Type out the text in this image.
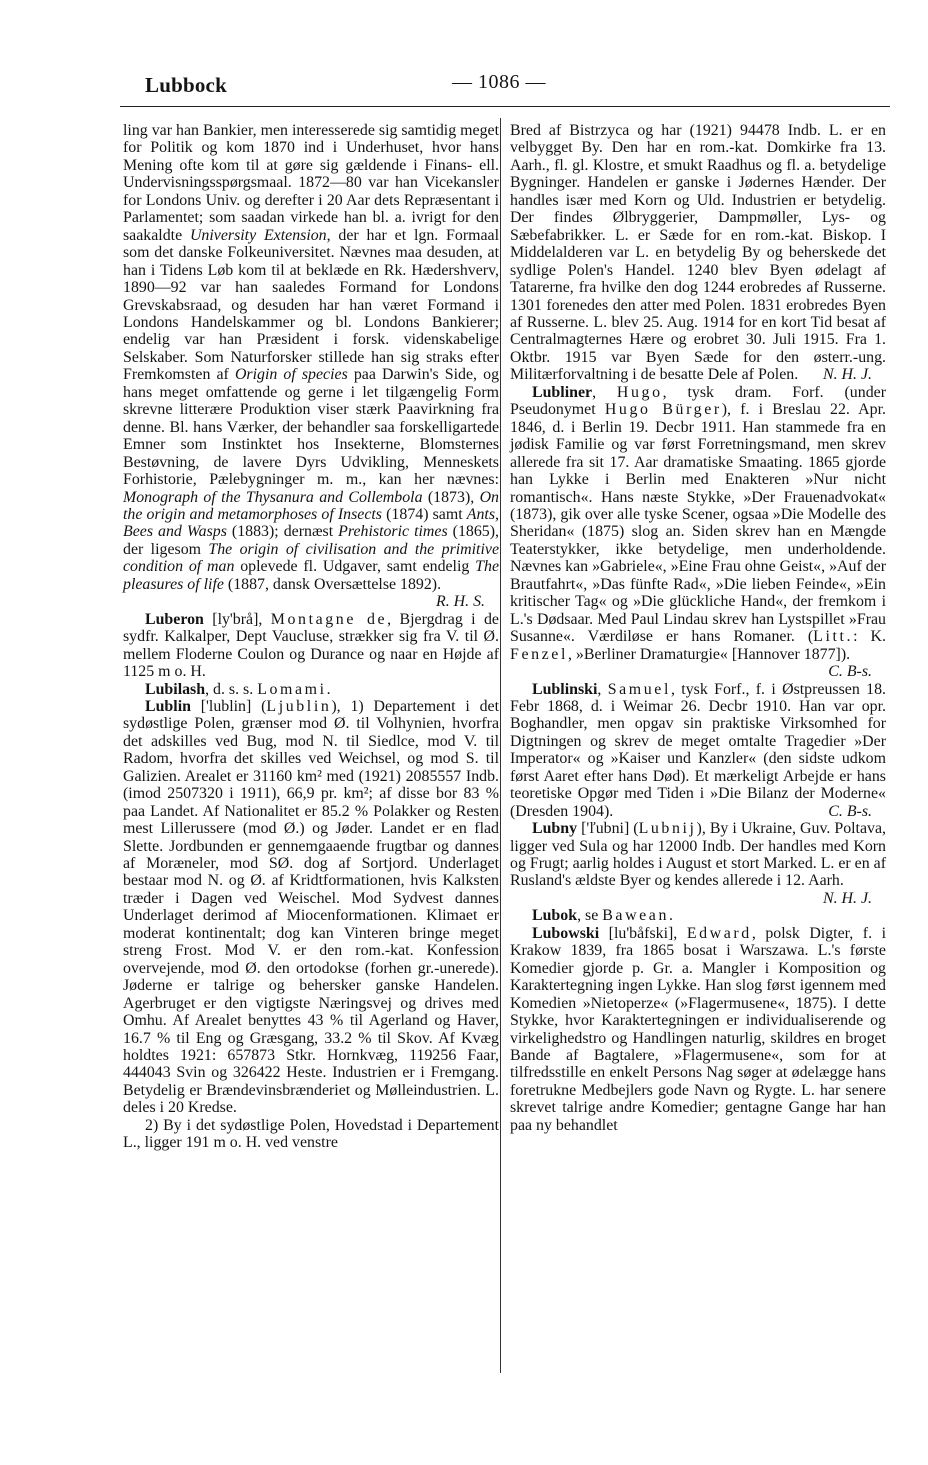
Lubbock	— 1086 —

ling var han Bankier, men interesserede sig samtidig meget for Politik og kom 1870 ind i Underhuset, hvor hans Mening ofte kom til at gøre sig gældende i Finans- ell. Undervisningsspørgsmaal. 1872—80 var han Vicekansler for Londons Univ. og derefter i 20 Aar dets Repræsentant i Parlamentet; som saadan virkede han bl. a. ivrigt for den saakaldte University Extension, der har et lgn. Formaal som det danske Folkeuniversitet. Nævnes maa desuden, at han i Tidens Løb kom til at beklæde en Rk. Hædershverv, 1890—92 var han saaledes Formand for Londons Grevskabsraad, og desuden har han været Formand i Londons Handelskammer og bl. Londons Bankierer; endelig var han Præsident i forsk. videnskabelige Selskaber. Som Naturforsker stillede han sig straks efter Fremkomsten af Origin of species paa Darwin's Side, og hans meget omfattende og gerne i let tilgængelig Form skrevne litterære Produktion viser stærk Paavirkning fra denne. Bl. hans Værker, der behandler saa forskelligartede Emner som Instinktet hos Insekterne, Blomsternes Bestøvning, de lavere Dyrs Udvikling, Menneskets Forhistorie, Pælebygninger m. m., kan her nævnes: Monograph of the Thysanura and Collembola (1873), On the origin and metamorphoses of Insects (1874) samt Ants, Bees and Wasps (1883); dernæst Prehistoric times (1865), der ligesom The origin of civilisation and the primitive condition of man oplevede fl. Udgaver, samt endelig The pleasures of life (1887, dansk Oversættelse 1892).
R. H. S.

Luberon [ly'brå], Montagne de, Bjergdrag i de sydfr. Kalkalper, Dept Vaucluse, strækker sig fra V. til Ø. mellem Floderne Coulon og Durance og naar en Højde af 1125 m o. H.

Lubilash, d. s. s. Lomami.

Lublin ['lublin] (Ljublin), 1) Departement i det sydøstlige Polen, grænser mod Ø. til Volhynien, hvorfra det adskilles ved Bug, mod N. til Siedlce, mod V. til Radom, hvorfra det skilles ved Weichsel, og mod S. til Galizien. Arealet er 31160 km² med (1921) 2085557 Indb. (imod 2507320 i 1911), 66,9 pr. km²; af disse bor 83 % paa Landet. Af Nationalitet er 85.2 % Polakker og Resten mest Lillerussere (mod Ø.) og Jøder. Landet er en flad Slette. Jordbunden er gennemgaaende frugtbar og dannes af Moræneler, mod SØ. dog af Sortjord. Underlaget bestaar mod N. og Ø. af Kridtformationen, hvis Kalksten træder i Dagen ved Weischel. Mod Sydvest dannes Underlaget derimod af Miocenformationen. Klimaet er moderat kontinentalt; dog kan Vinteren bringe meget streng Frost. Mod V. er den rom.-kat. Konfession overvejende, mod Ø. den ortodokse (forhen gr.-unerede). Jøderne er talrige og behersker ganske Handelen. Agerbruget er den vigtigste Næringsvej og drives med Omhu. Af Arealet benyttes 43 % til Agerland og Haver, 16.7 % til Eng og Græsgang, 33.2 % til Skov. Af Kvæg holdtes 1921: 657873 Stkr. Hornkvæg, 119256 Faar, 444043 Svin og 326422 Heste. Industrien er i Fremgang. Betydelig er Brændevinsbrænderiet og Mølleindustrien. L. deles i 20 Kredse.

2) By i det sydøstlige Polen, Hovedstad i Departement L., ligger 191 m o. H. ved venstre

Bred af Bistrzyca og har (1921) 94478 Indb. L. er en velbygget By. Den har en rom.-kat. Domkirke fra 13. Aarh., fl. gl. Klostre, et smukt Raadhus og fl. a. betydelige Bygninger. Handelen er ganske i Jødernes Hænder. Der handles især med Korn og Uld. Industrien er betydelig. Der findes Ølbryggerier, Dampmøller, Lys- og Sæbefabrikker. L. er Sæde for en rom.-kat. Biskop. I Middelalderen var L. en betydelig By og beherskede det sydlige Polen's Handel. 1240 blev Byen ødelagt af Tatarerne, fra hvilke den dog 1244 erobredes af Russerne. 1301 forenedes den atter med Polen. 1831 erobredes Byen af Russerne. L. blev 25. Aug. 1914 for en kort Tid besat af Centralmagternes Hære og erobret 30. Juli 1915. Fra 1. Oktbr. 1915 var Byen Sæde for den østerr.-ung. Militærforvaltning i de besatte Dele af Polen. N. H. J.

Lubliner, Hugo, tysk dram. Forf. (under Pseudonymet Hugo Bürger), f. i Breslau 22. Apr. 1846, d. i Berlin 19. Decbr 1911. Han stammede fra en jødisk Familie og var først Forretningsmand, men skrev allerede fra sit 17. Aar dramatiske Smaating. 1865 gjorde han Lykke i Berlin med Enakteren »Nur nicht romantisch«. Hans næste Stykke, »Der Frauenadvokat« (1873), gik over alle tyske Scener, ogsaa »Die Modelle des Sheridan« (1875) slog an. Siden skrev han en Mængde Teaterstykker, ikke betydelige, men underholdende. Nævnes kan »Gabriele«, »Eine Frau ohne Geist«, »Auf der Brautfahrt«, »Das fünfte Rad«, »Die lieben Feinde«, »Ein kritischer Tag« og »Die glückliche Hand«, der fremkom i L.'s Dødsaar. Med Paul Lindau skrev han Lystspillet »Frau Susanne«. Værdiløse er hans Romaner. (Litt.: K. Fenzel, »Berliner Dramaturgie« [Hannover 1877]).
C. B-s.

Lublinski, Samuel, tysk Forf., f. i Østpreussen 18. Febr 1868, d. i Weimar 26. Decbr 1910. Han var opr. Boghandler, men opgav sin praktiske Virksomhed for Digtningen og skrev de meget omtalte Tragedier »Der Imperator« og »Kaiser und Kanzler« (den sidste udkom først Aaret efter hans Død). Et mærkeligt Arbejde er hans teoretiske Opgør med Tiden i »Die Bilanz der Moderne« (Dresden 1904).	C. B-s.

Lubny ['ľubni] (Lubnij), By i Ukraine, Guv. Poltava, ligger ved Sula og har 12000 Indb. Der handles med Korn og Frugt; aarlig holdes i August et stort Marked. L. er en af Rusland's ældste Byer og kendes allerede i 12. Aarh.
N. H. J.

Lubok, se Bawean.

Lubowski [lu'båfski], Edward, polsk Digter, f. i Krakow 1839, fra 1865 bosat i Warszawa. L.'s første Komedier gjorde p. Gr. a. Mangler i Komposition og Karaktertegning ingen Lykke. Han slog først igennem med Komedien »Nietoperze« (»Flagermusene«, 1875). I dette Stykke, hvor Karaktertegningen er individualiserende og virkelighedstro og Handlingen naturlig, skildres en broget Bande af Bagtalere, »Flagermusene«, som for at tilfredsstille en enkelt Persons Nag søger at ødelægge hans foretrukne Medbejlers gode Navn og Rygte. L. har senere skrevet talrige andre Komedier; gentagne Gange har han paa ny behandlet
